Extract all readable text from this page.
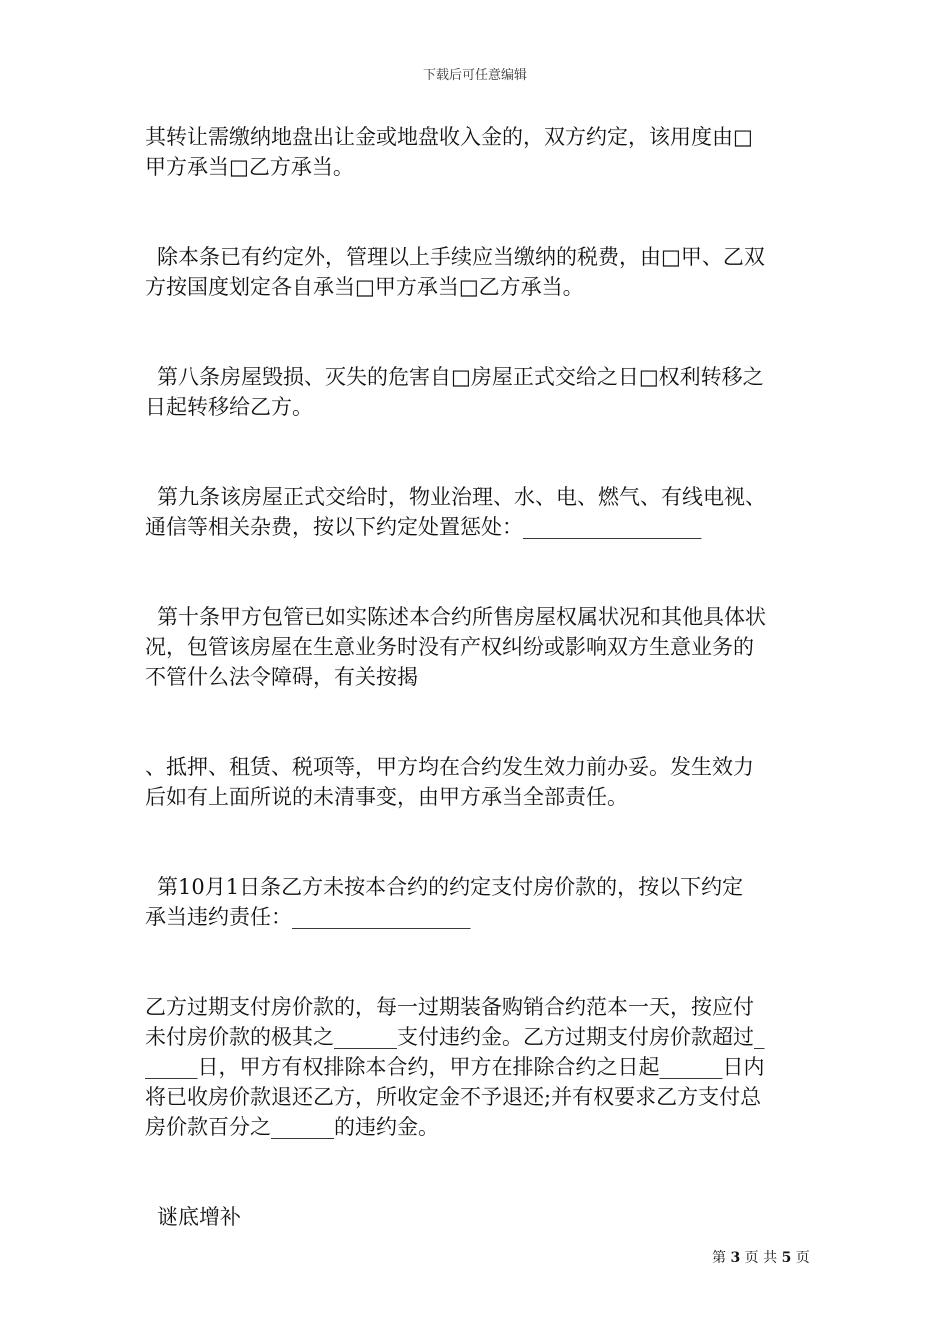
下载后可任意编辑
其转让需缴纳地盘出让金或地盘收入金的，双方约定，该用度由□
甲方承当□乙方承当。
除本条已有约定外，管理以上手续应当缴纳的税费，由□甲、乙双
方按国度划定各自承当□甲方承当□乙方承当。
第八条房屋毁损、灭失的危害自□房屋正式交给之日□权利转移之
日起转移给乙方。
第九条该房屋正式交给时，物业治理、水、电、燃气、有线电视、
通信等相关杂费，按以下约定处置惩处：_________________
第十条甲方包管已如实陈述本合约所售房屋权属状况和其他具体状
况，包管该房屋在生意业务时没有产权纠纷或影响双方生意业务的
不管什么法令障碍，有关按揭
、抵押、租赁、税项等，甲方均在合约发生效力前办妥。发生效力
后如有上面所说的未清事变，由甲方承当全部责任。
第10月1日条乙方未按本合约的约定支付房价款的，按以下约定
承当违约责任：_________________
乙方过期支付房价款的，每一过期装备购销合约范本一天，按应付
未付房价款的极其之______支付违约金。乙方过期支付房价款超过_
_____日，甲方有权排除本合约，甲方在排除合约之日起______日内
将已收房价款退还乙方，所收定金不予退还;并有权要求乙方支付总
房价款百分之______的违约金。
谜底增补
第 3 页 共 5 页
